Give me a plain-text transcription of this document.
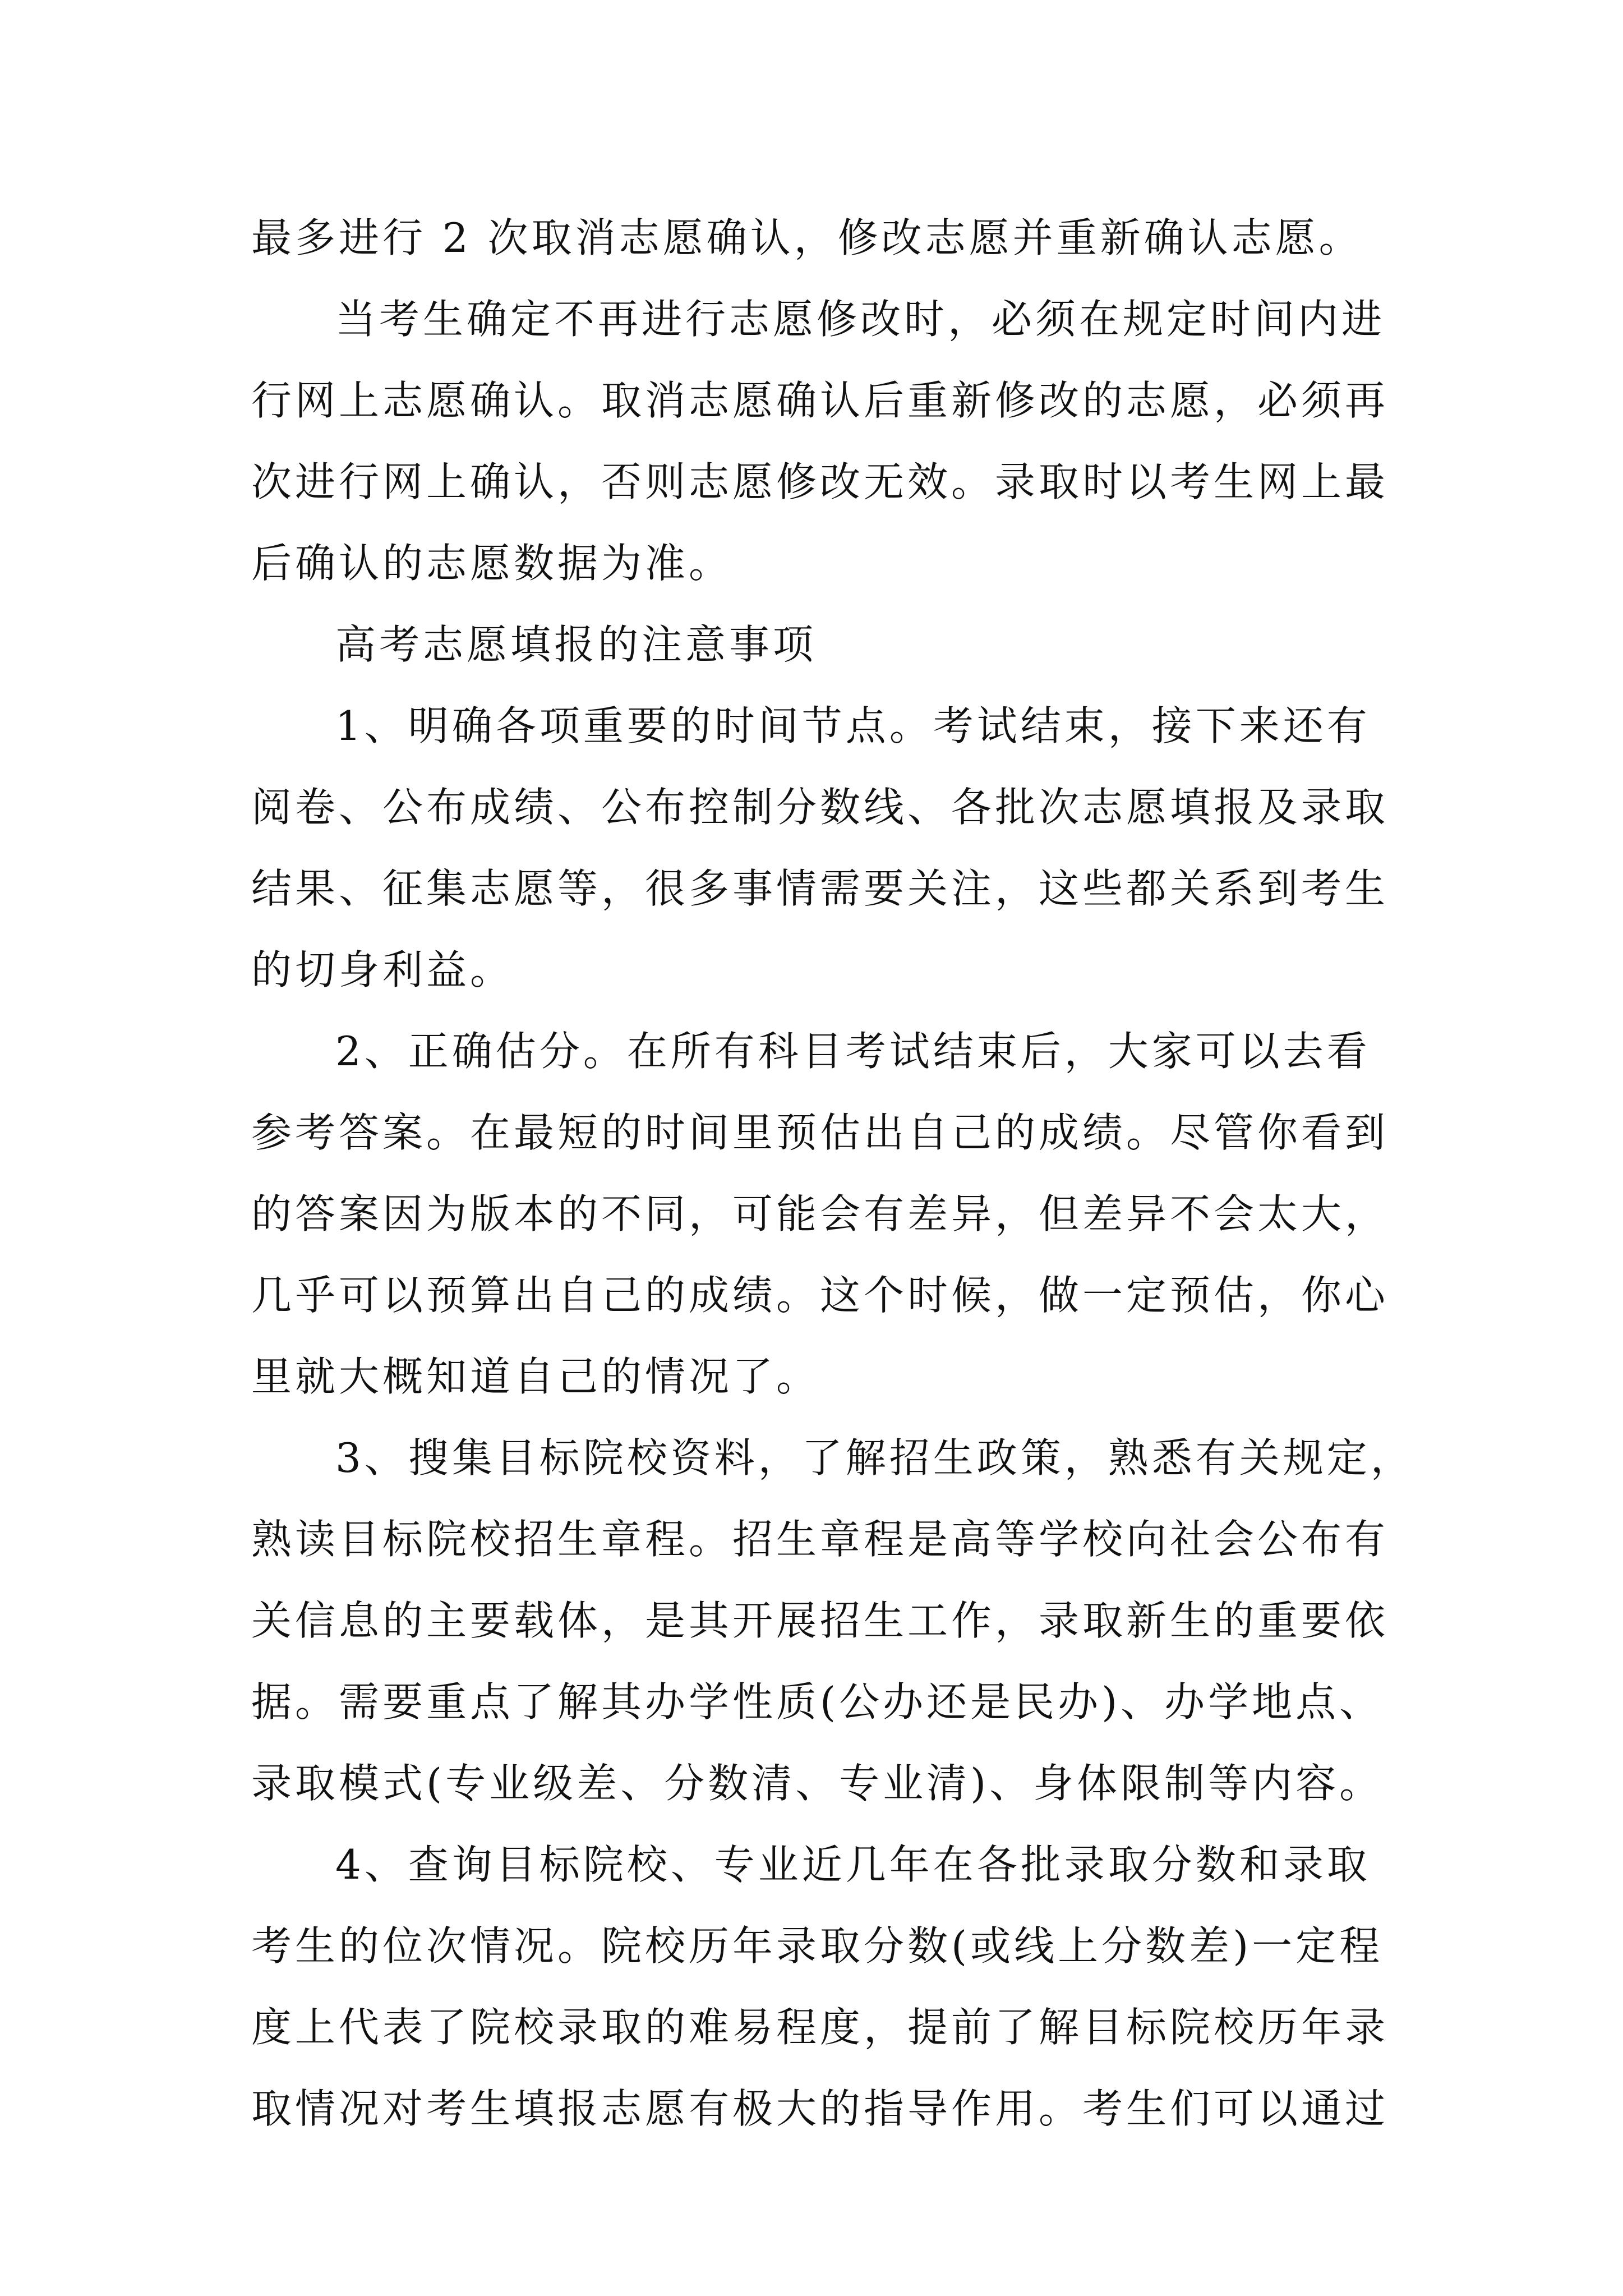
最多进行 2 次取消志愿确认，修改志愿并重新确认志愿。
当考生确定不再进行志愿修改时，必须在规定时间内进
行网上志愿确认。取消志愿确认后重新修改的志愿，必须再
次进行网上确认，否则志愿修改无效。录取时以考生网上最
后确认的志愿数据为准。
高考志愿填报的注意事项
1、明确各项重要的时间节点。考试结束，接下来还有
阅卷、公布成绩、公布控制分数线、各批次志愿填报及录取
结果、征集志愿等，很多事情需要关注，这些都关系到考生
的切身利益。
2、正确估分。在所有科目考试结束后，大家可以去看
参考答案。在最短的时间里预估出自己的成绩。尽管你看到
的答案因为版本的不同，可能会有差异，但差异不会太大，
几乎可以预算出自己的成绩。这个时候，做一定预估，你心
里就大概知道自己的情况了。
3、搜集目标院校资料，了解招生政策，熟悉有关规定，
熟读目标院校招生章程。招生章程是高等学校向社会公布有
关信息的主要载体，是其开展招生工作，录取新生的重要依
据。需要重点了解其办学性质(公办还是民办)、办学地点、
录取模式(专业级差、分数清、专业清)、身体限制等内容。
4、查询目标院校、专业近几年在各批录取分数和录取
考生的位次情况。院校历年录取分数(或线上分数差)一定程
度上代表了院校录取的难易程度，提前了解目标院校历年录
取情况对考生填报志愿有极大的指导作用。考生们可以通过
